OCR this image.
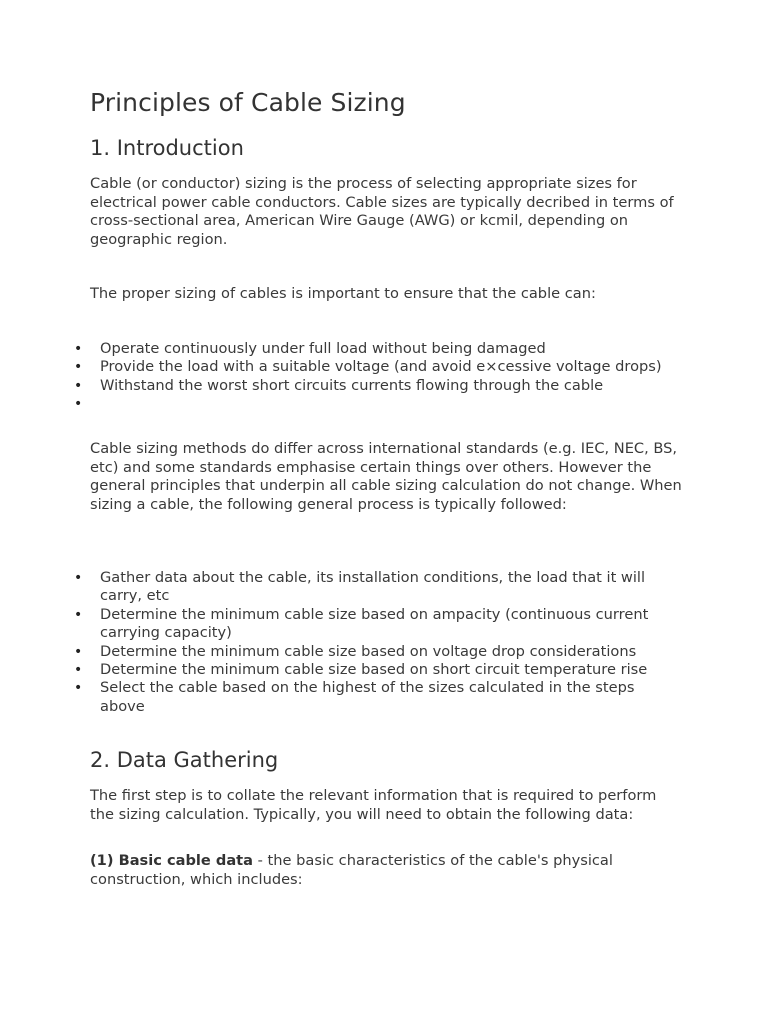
Principles of Cable Sizing
1. Introduction

Cable (or conductor) sizing is the process of selecting appropriate sizes for electrical power cable conductors. Cable sizes are typically decribed in terms of cross-sectional area, American Wire Gauge (AWG) or kcmil, depending on geographic region.

The proper sizing of cables is important to ensure that the cable can:

• Operate continuously under full load without being damaged
• Provide the load with a suitable voltage (and avoid e×cessive voltage drops)
• Withstand the worst short circuits currents flowing through the cable
•

Cable sizing methods do differ across international standards (e.g. IEC, NEC, BS, etc) and some standards emphasise certain things over others. However the general principles that underpin all cable sizing calculation do not change. When sizing a cable, the following general process is typically followed:

• Gather data about the cable, its installation conditions, the load that it will carry, etc
• Determine the minimum cable size based on ampacity (continuous current carrying capacity)
• Determine the minimum cable size based on voltage drop considerations
• Determine the minimum cable size based on short circuit temperature rise
• Select the cable based on the highest of the sizes calculated in the steps above
2. Data Gathering

The first step is to collate the relevant information that is required to perform the sizing calculation. Typically, you will need to obtain the following data:

(1) Basic cable data - the basic characteristics of the cable's physical construction, which includes:
